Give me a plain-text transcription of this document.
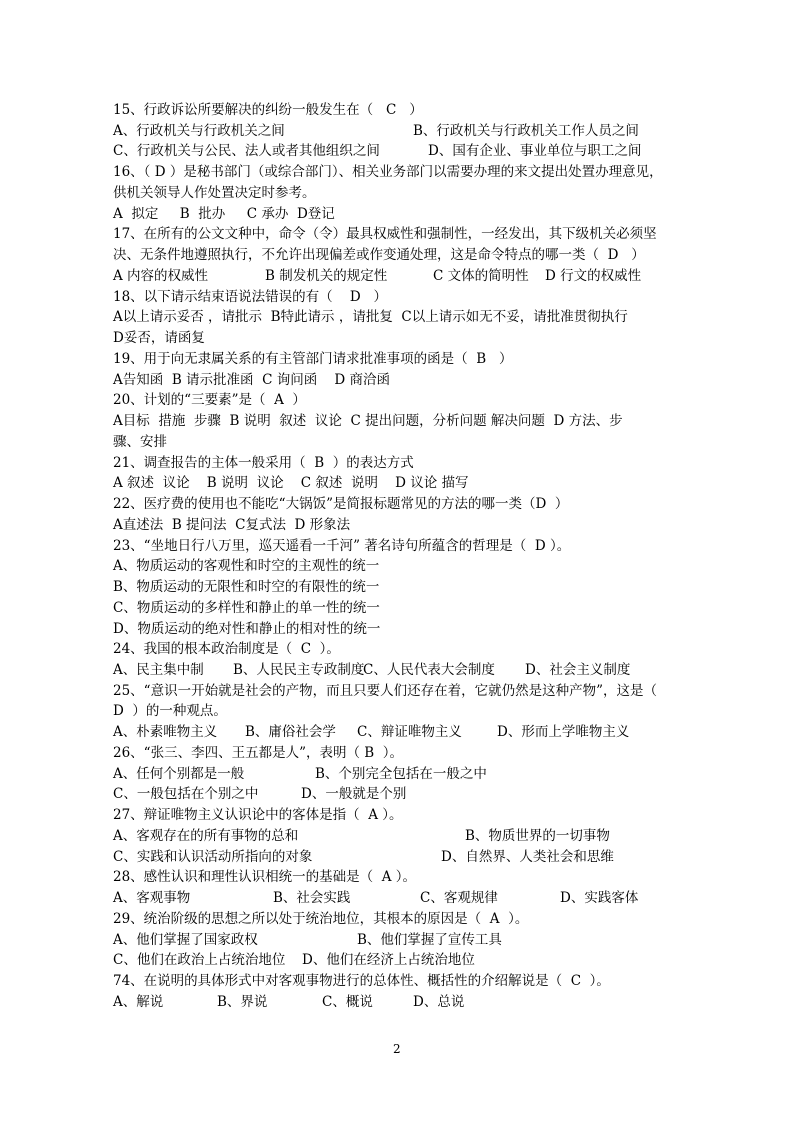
15、行政诉讼所要解决的纠纷一般发生在（   C   ）
A、行政机关与行政机关之间	B、行政机关与行政机关工作人员之间
C、行政机关与公民、法人或者其他组织之间	D、国有企业、事业单位与职工之间
16、（ D ）是秘书部门（或综合部门）、相关业务部门以需要办理的来文提出处置办理意见，
供机关领导人作处置决定时参考。
A  拟定     B  批办     C 承办  D登记
17、在所有的公文文种中，命令（令）最具权威性和强制性，一经发出，其下级机关必须坚
决、无条件地遵照执行，不允许出现偏差或作变通处理，这是命令特点的哪一类（  D   ）
A 内容的权威性	B 制发机关的规定性	C 文体的简明性 D 行文的权威性
18、以下请示结束语说法错误的有（    D   ）
A以上请示妥否 ，请批示  B特此请示 ，请批复  C以上请示如无不妥，请批准贯彻执行
D妥否，请函复
19、用于向无隶属关系的有主管部门请求批准事项的函是（  B   ）
A告知函  B 请示批准函  C 询问函    D 商洽函
20、计划的“三要素”是（  A  ）
A目标  措施  步骤  B 说明  叙述  议论  C 提出问题，分析问题 解决问题  D 方法、步
骤、安排
21、调查报告的主体一般采用（  B  ）的表达方式
A 叙述  议论    B 说明  议论    C 叙述  说明    D 议论 描写
22、医疗费的使用也不能吃“大锅饭”是简报标题常见的方法的哪一类（D  ）
A直述法  B 提问法  C复式法  D 形象法
23、“坐地日行八万里，巡天遥看一千河” 著名诗句所蕴含的哲理是（  D ）。
A、物质运动的客观性和时空的主观性的统一
B、物质运动的无限性和时空的有限性的统一
C、物质运动的多样性和静止的单一性的统一
D、物质运动的绝对性和静止的相对性的统一
24、我国的根本政治制度是（  C  ）。
A、民主集中制 B、人民民主专政制度
C、人民代表大会制度 D、社会主义制度
25、“意识一开始就是社会的产物，而且只要人们还存在着，它就仍然是这种产物”，这是（
D  ）的一种观点。
A、朴素唯物主义 B、庸俗社会学 C、辩证唯物主义	D、形而上学唯物主义
26、“张三、李四、王五都是人”，表明（ B  ）。
A、任何个别都是一般	B、个别完全包括在一般之中
C、一般包括在个别之中	D、一般就是个别
27、辩证唯物主义认识论中的客体是指（  A ）。
A、客观存在的所有事物的总和	B、物质世界的一切事物
C、实践和认识活动所指向的对象	D、自然界、人类社会和思维
28、感性认识和理性认识相统一的基础是（  A ）。
A、客观事物	B、社会实践	C、客观规律	D、实践客体
29、统治阶级的思想之所以处于统治地位，其根本的原因是（  A  ）。
A、他们掌握了国家政权	B、他们掌握了宣传工具
C、他们在政治上占统治地位 D、他们在经济上占统治地位
74、在说明的具体形式中对客观事物进行的总体性、概括性的介绍解说是（  C  ）。
A、解说	B、界说	C、概说	D、总说
2
